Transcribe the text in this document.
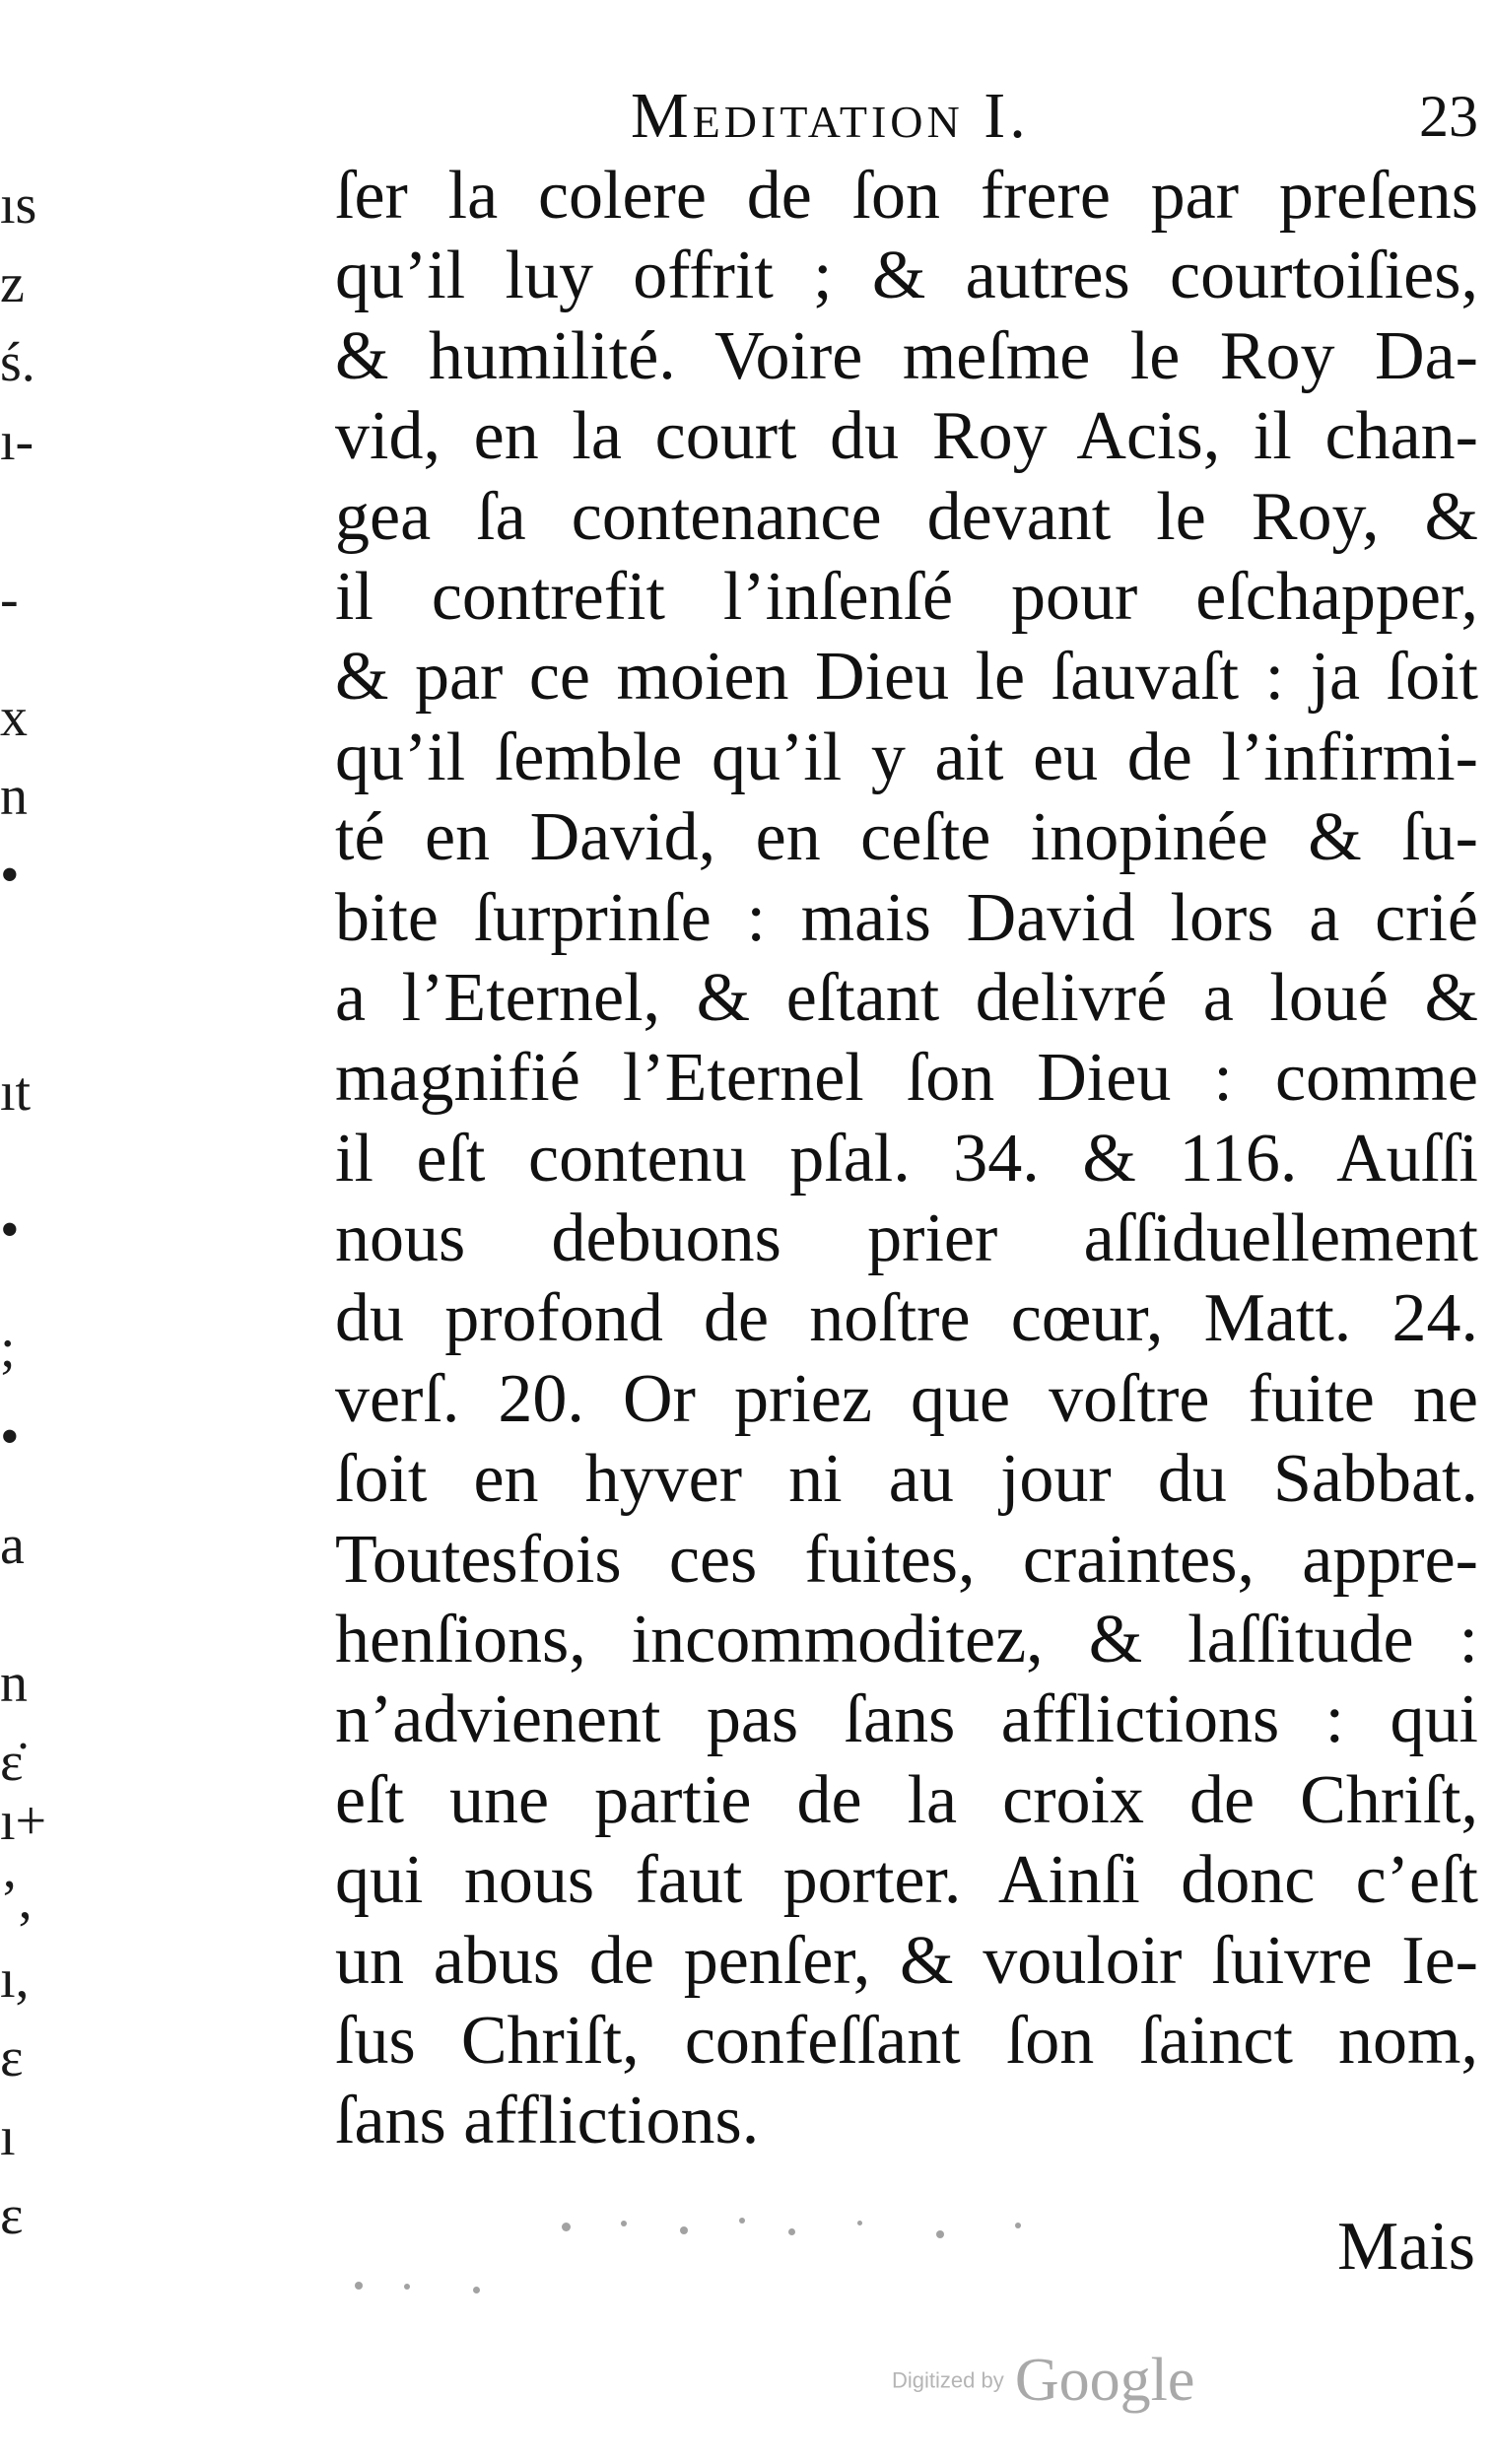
ıs
z
ś.
ı-
-
x
n
•
ıt
•
;
•
a
n
ɛ̇
ı+
’,
ı,
ɛ
ı
ɛ
Meditation I.	23
ſer la colere de ſon frere par preſens
qu’il luy offrit ; & autres courtoiſies,
& humilité. Voire meſme le Roy Da-
vid, en la court du Roy Acis, il chan-
gea ſa contenance devant le Roy, &
il contrefit l’inſenſé pour eſchapper,
& par ce moien Dieu le ſauvaſt : ja ſoit
qu’il ſemble qu’il y ait eu de l’infirmi-
té en David, en ceſte inopinée & ſu-
bite ſurprinſe : mais David lors a crié
a l’Eternel, & eſtant delivré a loué &
magnifié l’Eternel ſon Dieu : comme
il eſt contenu pſal. 34. & 116. Auſſi
nous debuons prier aſſiduellement
du profond de noſtre cœur, Matt. 24.
verſ. 20. Or priez que voſtre fuite ne
ſoit en hyver ni au jour du Sabbat.
Toutesfois ces fuites, craintes, appre-
henſions, incommoditez, & laſſitude :
n’advienent pas ſans afflictions : qui
eſt une partie de la croix de Chriſt,
qui nous faut porter. Ainſi donc c’eſt
un abus de penſer, & vouloir ſuivre Ie-
ſus Chriſt, confeſſant ſon ſainct nom,
ſans afflictions.
Mais
Digitized by Google
